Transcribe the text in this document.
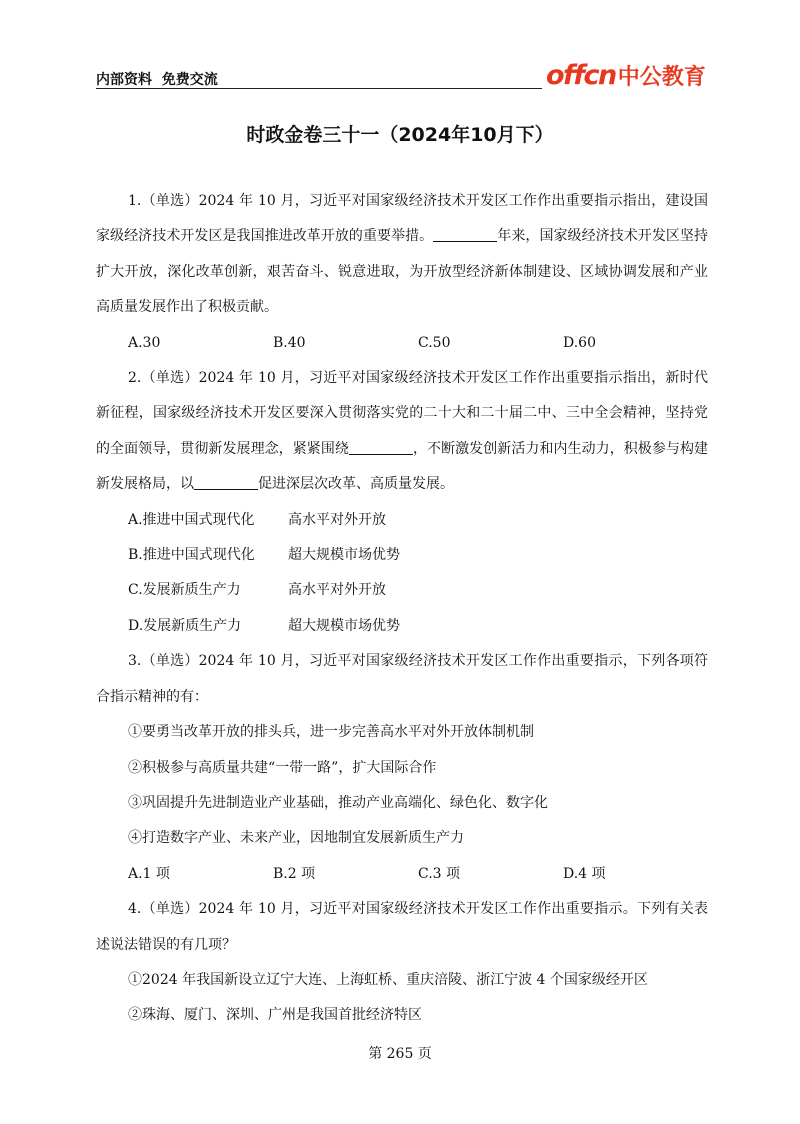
内部资料  免费交流	offcn 中公教育
时政金卷三十一（2024年10月下）

1.（单选）2024 年 10 月，习近平对国家级经济技术开发区工作作出重要指示指出，建设国家级经济技术开发区是我国推进改革开放的重要举措。	年来，国家级经济技术开发区坚持扩大开放，深化改革创新，艰苦奋斗、锐意进取，为开放型经济新体制建设、区域协调发展和产业高质量发展作出了积极贡献。

A.30	B.40	C.50	D.60

2.（单选）2024 年 10 月，习近平对国家级经济技术开发区工作作出重要指示指出，新时代新征程，国家级经济技术开发区要深入贯彻落实党的二十大和二十届二中、三中全会精神，坚持党的全面领导，贯彻新发展理念，紧紧围绕	，不断激发创新活力和内生动力，积极参与构建新发展格局，以	促进深层次改革、高质量发展。

A.推进中国式现代化 高水平对外开放
B.推进中国式现代化 超大规模市场优势
C.发展新质生产力	高水平对外开放
D.发展新质生产力	超大规模市场优势

3.（单选）2024 年 10 月，习近平对国家级经济技术开发区工作作出重要指示，下列各项符合指示精神的有：

①要勇当改革开放的排头兵，进一步完善高水平对外开放体制机制
②积极参与高质量共建“一带一路”，扩大国际合作
③巩固提升先进制造业产业基础，推动产业高端化、绿色化、数字化
④打造数字产业、未来产业，因地制宜发展新质生产力
A.1 项	B.2 项	C.3 项	D.4 项

4.（单选）2024 年 10 月，习近平对国家级经济技术开发区工作作出重要指示。下列有关表述说法错误的有几项？

①2024 年我国新设立辽宁大连、上海虹桥、重庆涪陵、浙江宁波 4 个国家级经开区
②珠海、厦门、深圳、广州是我国首批经济特区
第 265 页
